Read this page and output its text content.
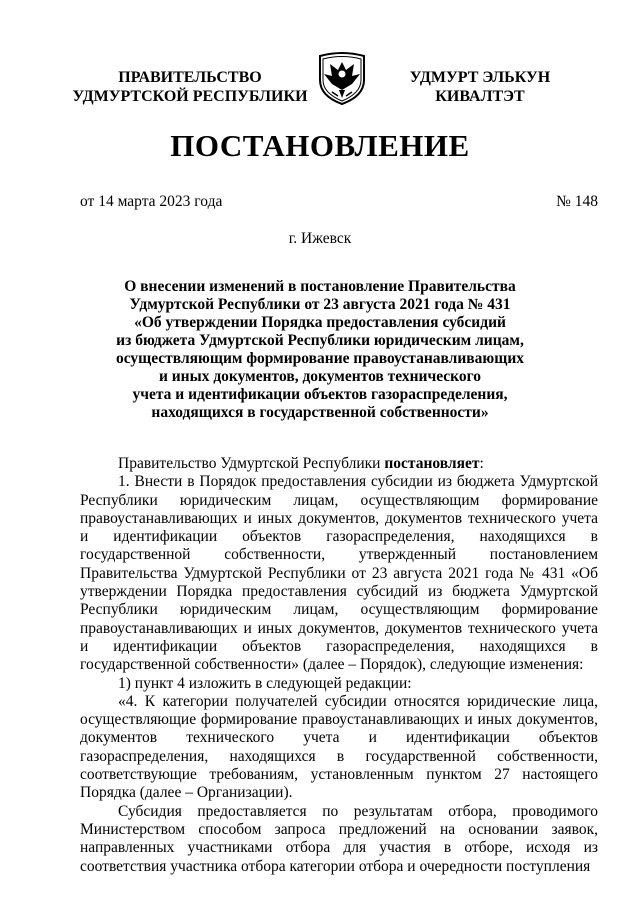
ПРАВИТЕЛЬСТВО
УДМУРТСКОЙ РЕСПУБЛИКИ
УДМУРТ ЭЛЬКУН
КИВАЛТЭТ
ПОСТАНОВЛЕНИЕ
от 14 марта 2023 года	№ 148
г. Ижевск
О внесении изменений в постановление Правительства
Удмуртской Республики от 23 августа 2021 года № 431
«Об утверждении Порядка предоставления субсидий
из бюджета Удмуртской Республики юридическим лицам,
осуществляющим формирование правоустанавливающих
и иных документов, документов технического
учета и идентификации объектов газораспределения,
находящихся в государственной собственности»

Правительство Удмуртской Республики постановляет:

1. Внести в Порядок предоставления субсидии из бюджета Удмуртской Республики юридическим лицам, осуществляющим формирование правоустанавливающих и иных документов, документов технического учета и идентификации объектов газораспределения, находящихся в государственной собственности, утвержденный постановлением Правительства Удмуртской Республики от 23 августа 2021 года № 431 «Об утверждении Порядка предоставления субсидий из бюджета Удмуртской Республики юридическим лицам, осуществляющим формирование правоустанавливающих и иных документов, документов технического учета и идентификации объектов газораспределения, находящихся в государственной собственности» (далее – Порядок), следующие изменения:

1) пункт 4 изложить в следующей редакции:

«4. К категории получателей субсидии относятся юридические лица, осуществляющие формирование правоустанавливающих и иных документов, документов технического учета и идентификации объектов газораспределения, находящихся в государственной собственности, соответствующие требованиям, установленным пунктом 27 настоящего Порядка (далее – Организации).

Субсидия предоставляется по результатам отбора, проводимого Министерством способом запроса предложений на основании заявок, направленных участниками отбора для участия в отборе, исходя из соответствия участника отбора категории отбора и очередности поступления
